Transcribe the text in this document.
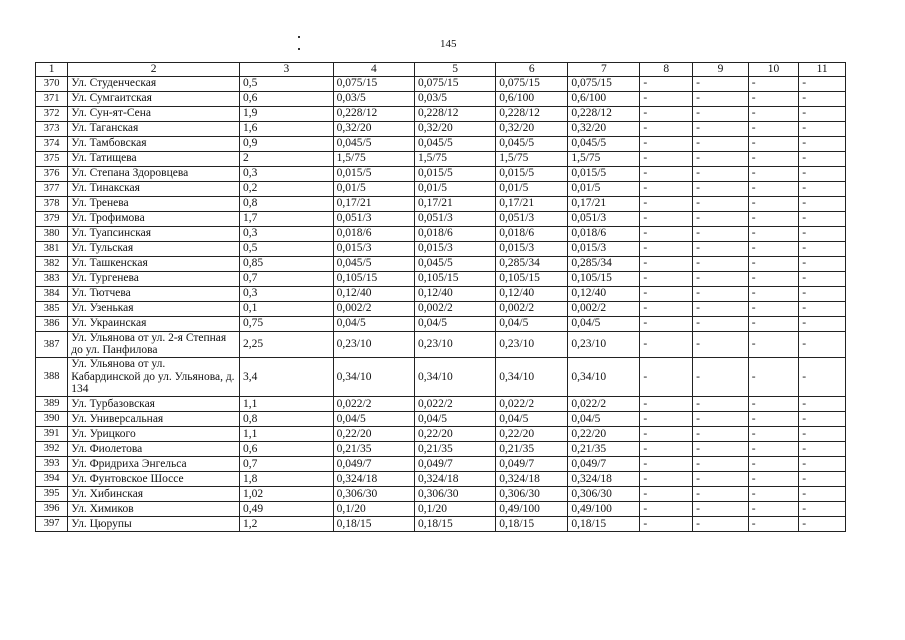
145
1	2	3	4	5	6	7	8	9	10	11
370	Ул. Студенческая	0,5	0,075/15	0,075/15	0,075/15	0,075/15	-	-	-	-
371	Ул. Сумгаитская	0,6	0,03/5	0,03/5	0,6/100	0,6/100	-	-	-	-
372	Ул. Сун-ят-Сена	1,9	0,228/12	0,228/12	0,228/12	0,228/12	-	-	-	-
373	Ул. Таганская	1,6	0,32/20	0,32/20	0,32/20	0,32/20	-	-	-	-
374	Ул. Тамбовская	0,9	0,045/5	0,045/5	0,045/5	0,045/5	-	-	-	-
375	Ул. Татищева	2	1,5/75	1,5/75	1,5/75	1,5/75	-	-	-	-
376	Ул. Степана Здоровцева	0,3	0,015/5	0,015/5	0,015/5	0,015/5	-	-	-	-
377	Ул. Тинакская	0,2	0,01/5	0,01/5	0,01/5	0,01/5	-	-	-	-
378	Ул. Тренева	0,8	0,17/21	0,17/21	0,17/21	0,17/21	-	-	-	-
379	Ул. Трофимова	1,7	0,051/3	0,051/3	0,051/3	0,051/3	-	-	-	-
380	Ул. Туапсинская	0,3	0,018/6	0,018/6	0,018/6	0,018/6	-	-	-	-
381	Ул. Тульская	0,5	0,015/3	0,015/3	0,015/3	0,015/3	-	-	-	-
382	Ул. Ташкенская	0,85	0,045/5	0,045/5	0,285/34	0,285/34	-	-	-	-
383	Ул. Тургенева	0,7	0,105/15	0,105/15	0,105/15	0,105/15	-	-	-	-
384	Ул. Тютчева	0,3	0,12/40	0,12/40	0,12/40	0,12/40	-	-	-	-
385	Ул. Узенькая	0,1	0,002/2	0,002/2	0,002/2	0,002/2	-	-	-	-
386	Ул. Украинская	0,75	0,04/5	0,04/5	0,04/5	0,04/5	-	-	-	-
387	Ул. Ульянова от ул. 2-я Степная до ул. Панфилова	2,25	0,23/10	0,23/10	0,23/10	0,23/10	-	-	-	-
388	Ул. Ульянова от ул. Кабардинской до ул. Ульянова, д. 134	3,4	0,34/10	0,34/10	0,34/10	0,34/10	-	-	-	-
389	Ул. Турбазовская	1,1	0,022/2	0,022/2	0,022/2	0,022/2	-	-	-	-
390	Ул. Универсальная	0,8	0,04/5	0,04/5	0,04/5	0,04/5	-	-	-	-
391	Ул. Урицкого	1,1	0,22/20	0,22/20	0,22/20	0,22/20	-	-	-	-
392	Ул. Фиолетова	0,6	0,21/35	0,21/35	0,21/35	0,21/35	-	-	-	-
393	Ул. Фридриха Энгельса	0,7	0,049/7	0,049/7	0,049/7	0,049/7	-	-	-	-
394	Ул. Фунтовское Шоссе	1,8	0,324/18	0,324/18	0,324/18	0,324/18	-	-	-	-
395	Ул. Хибинская	1,02	0,306/30	0,306/30	0,306/30	0,306/30	-	-	-	-
396	Ул. Химиков	0,49	0,1/20	0,1/20	0,49/100	0,49/100	-	-	-	-
397	Ул. Цюрупы	1,2	0,18/15	0,18/15	0,18/15	0,18/15	-	-	-	-
